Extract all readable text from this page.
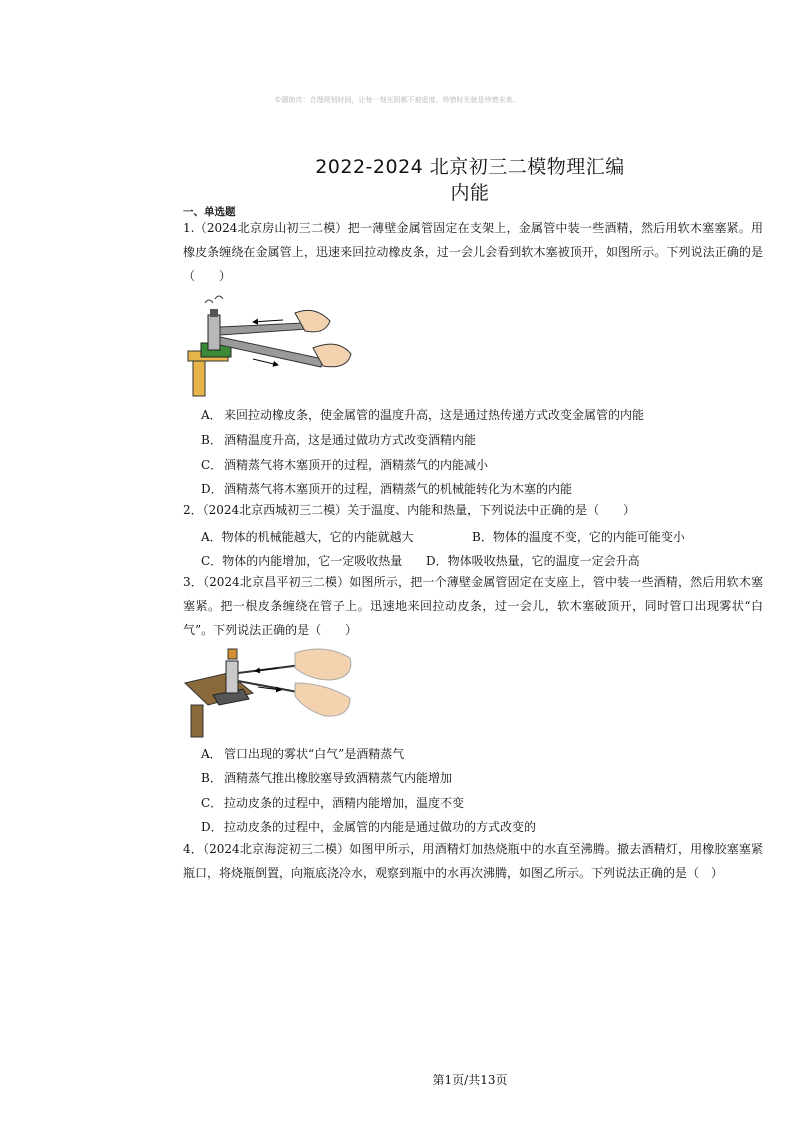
©题助攻：合理规划时间，让每一刻光阴都不被虚度，珍惜时光就是珍惜未来。
2022-2024 北京初三二模物理汇编
内能
一、单选题
1.（2024北京房山初三二模）把一薄壁金属管固定在支架上，金属管中装一些酒精，然后用软木塞塞紧。用橡皮条缠绕在金属管上，迅速来回拉动橡皮条，过一会儿会看到软木塞被顶开，如图所示。下列说法正确的是（　　）
A． 来回拉动橡皮条，使金属管的温度升高，这是通过热传递方式改变金属管的内能
B． 酒精温度升高，这是通过做功方式改变酒精内能
C． 酒精蒸气将木塞顶开的过程，酒精蒸气的内能减小
D．酒精蒸气将木塞顶开的过程，酒精蒸气的机械能转化为木塞的内能
2．（2024北京西城初三二模）关于温度、内能和热量，下列说法中正确的是（　　）
A．物体的机械能越大，它的内能就越大	B．物体的温度不变，它的内能可能变小
C．物体的内能增加，它一定吸收热量 D．物体吸收热量，它的温度一定会升高
3．（2024北京昌平初三二模）如图所示，把一个薄壁金属管固定在支座上，管中装一些酒精，然后用软木塞塞紧。把一根皮条缠绕在管子上。迅速地来回拉动皮条，过一会儿，软木塞破顶开，同时管口出现雾状“白气”。下列说法正确的是（　　）
A． 管口出现的雾状“白气”是酒精蒸气
B． 酒精蒸气推出橡胶塞导致酒精蒸气内能增加
C． 拉动皮条的过程中，酒精内能增加，温度不变
D．拉动皮条的过程中，金属管的内能是通过做功的方式改变的
4．（2024北京海淀初三二模）如图甲所示，用酒精灯加热烧瓶中的水直至沸腾。撤去酒精灯，用橡胶塞塞紧瓶口，将烧瓶倒置，向瓶底浇冷水，观察到瓶中的水再次沸腾，如图乙所示。下列说法正确的是（　）
第1页/共13页
